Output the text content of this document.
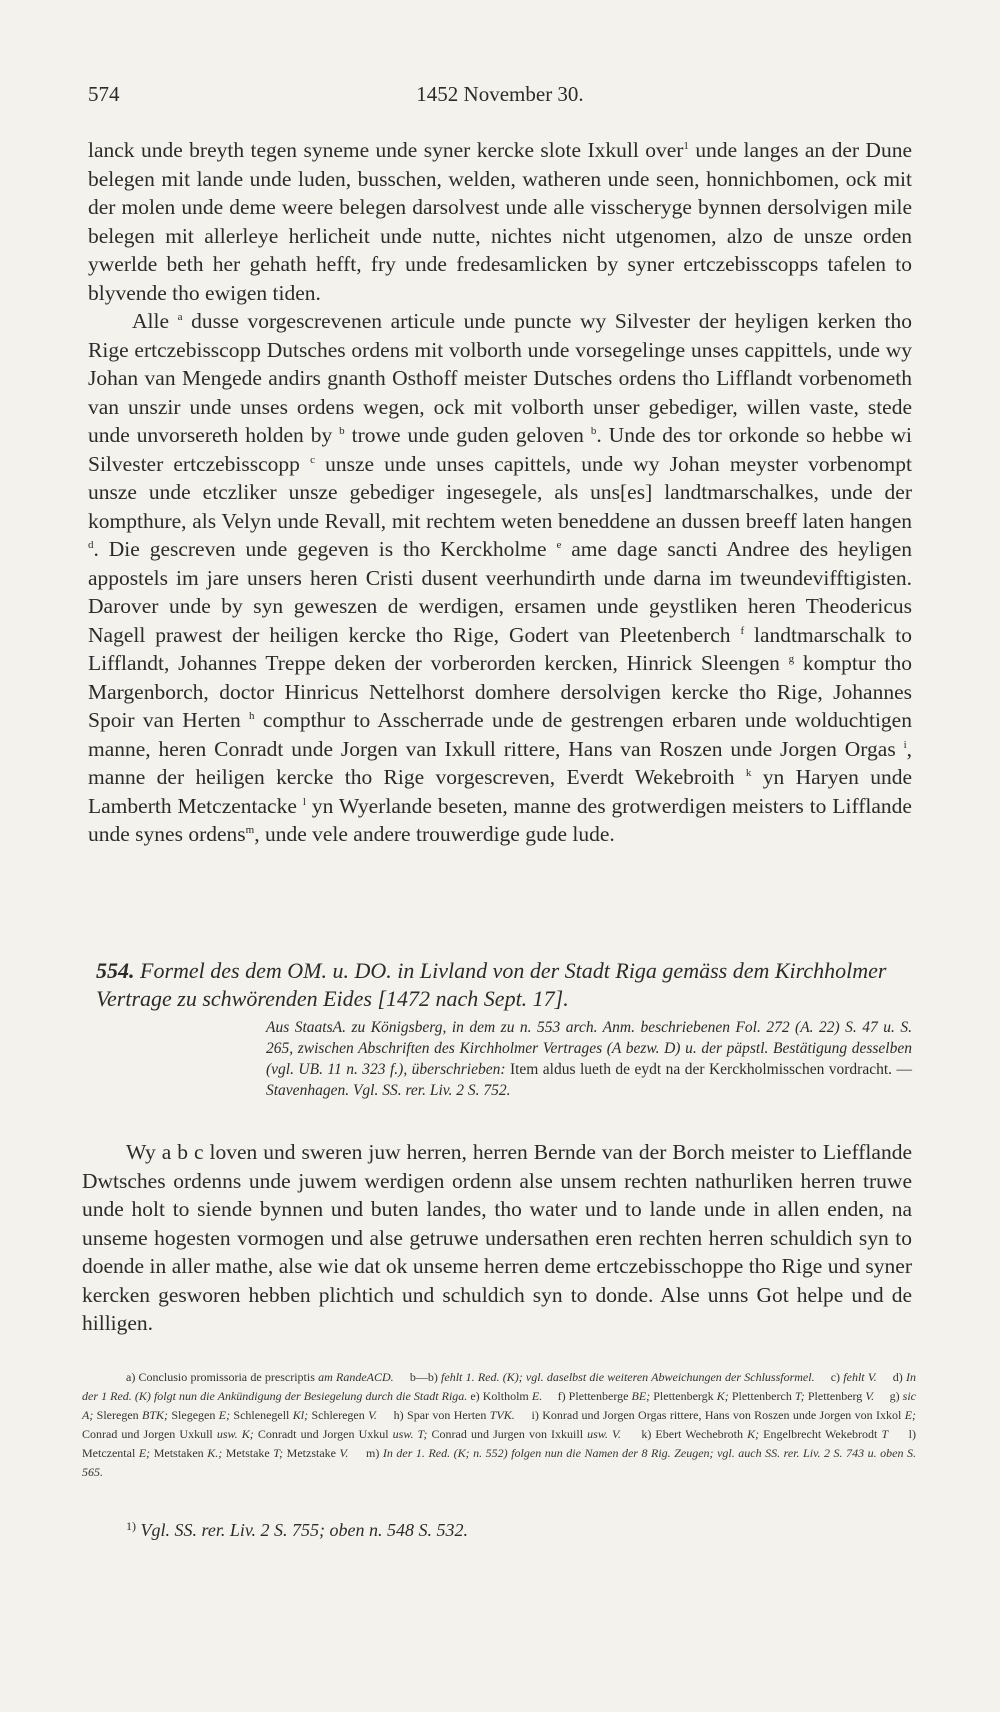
574	1452 November 30.

lanck unde breyth tegen syneme unde syner kercke slote Ixkull over$^1$ unde langes an der Dune belegen mit lande unde luden, busschen, welden, watheren unde seen, honnichbomen, ock mit der molen unde deme weere belegen darsolvest unde alle visscheryge bynnen dersolvigen mile belegen mit allerleye herlicheit unde nutte, nichtes nicht utgenomen, alzo de unsze orden ywerlde beth her gehath hefft, fry unde fredesamlicken by syner ertczebisscopps tafelen to blyvende tho ewigen tiden.

Alle $^a$ dusse vorgescrevenen articule unde puncte wy Silvester der heyligen kerken tho Rige ertczebisscopp Dutsches ordens mit volborth unde vorsegelinge unses cappittels, unde wy Johan van Mengede andirs gnanth Osthoff meister Dutsches ordens tho Lifflandt vorbenometh van unszir unde unses ordens wegen, ock mit volborth unser gebediger, willen vaste, stede unde unvorsereth holden by $^b$ trowe unde guden geloven $^b$. Unde des tor orkonde so hebbe wi Silvester ertczebisscopp $^c$ unsze unde unses capittels, unde wy Johan meyster vorbenompt unsze unde etczliker unsze gebediger ingesegele, als uns[es] landtmarschalkes, unde der kompthure, als Velyn unde Revall, mit rechtem weten beneddene an dussen breeff laten hangen $^d$. Die gescreven unde gegeven is tho Kerckholme $^e$ ame dage sancti Andree des heyligen appostels im jare unsers heren Cristi dusent veerhundirth unde darna im tweundevifftigisten. Darover unde by syn geweszen de werdigen, ersamen unde geystliken heren Theodericus Nagell prawest der heiligen kercke tho Rige, Godert van Pleetenberch $^f$ landtmarschalk to Lifflandt, Johannes Treppe deken der vorberorden kercken, Hinrick Sleengen $^g$ komptur tho Margenborch, doctor Hinricus Nettelhorst domhere dersolvigen kercke tho Rige, Johannes Spoir van Herten $^h$ compthur to Asscherrade unde de gestrengen erbaren unde wolduchtigen manne, heren Conradt unde Jorgen van Ixkull rittere, Hans van Roszen unde Jorgen Orgas $^i$, manne der heiligen kercke tho Rige vorgescreven, Everdt Wekebroith $^k$ yn Haryen unde Lamberth Metczentacke $^l$ yn Wyerlande beseten, manne des grotwerdigen meisters to Lifflande unde synes ordens$^m$, unde vele andere trouwerdige gude lude.

554. Formel des dem OM. u. DO. in Livland von der Stadt Riga gemäss dem Kirchholmer Vertrage zu schwörenden Eides [1472 nach Sept. 17].
Aus StaatsA. zu Königsberg, in dem zu n. 553 arch. Anm. beschriebenen Fol. 272 (A. 22) S. 47 u. S. 265, zwischen Abschriften des Kirchholmer Vertrages (A bezw. D) u. der päpstl. Bestätigung desselben (vgl. UB. 11 n. 323 f.), überschrieben: Item aldus lueth de eydt na der Kerckholmisschen vordracht. — Stavenhagen. Vgl. SS. rer. Liv. 2 S. 752.

Wy a b c loven und sweren juw herren, herren Bernde van der Borch meister to Liefflande Dwtsches ordenns unde juwem werdigen ordenn alse unsem rechten nathurliken herren truwe unde holt to siende bynnen und buten landes, tho water und to lande unde in allen enden, na unseme hogesten vormogen und alse getruwe undersathen eren rechten herren schuldich syn to doende in aller mathe, alse wie dat ok unseme herren deme ertczebisschoppe tho Rige und syner kercken gesworen hebben plichtich und schuldich syn to donde. Alse unns Got helpe und de hilligen.

a) Conclusio promissoria de prescriptis am RandeACD. b—b) fehlt 1. Red. (K); vgl. daselbst die weiteren Abweichungen der Schlussformel. c) fehlt V. d) In der 1 Red. (K) folgt nun die Ankündigung der Besiegelung durch die Stadt Riga. e) Koltholm E. f) Plettenberge BE; Plettenbergk K; Plettenberch T; Plettenberg V. g) sic A; Sleregen BTK; Slegegen E; Schlenegell Kl; Schleregen V. h) Spar von Herten TVK. i) Konrad und Jorgen Orgas rittere, Hans von Roszen unde Jorgen von Ixkol E; Conrad und Jorgen Uxkull usw. K; Conradt und Jorgen Uxkul usw. T; Conrad und Jurgen von Ixkuill usw. V. k) Ebert Wechebroth K; Engelbrecht Wekebrodt T l) Metczental E; Metstaken K.; Metstake T; Metzstake V. m) In der 1. Red. (K; n. 552) folgen nun die Namen der 8 Rig. Zeugen; vgl. auch SS. rer. Liv. 2 S. 743 u. oben S. 565.

$^{1)}$ Vgl. SS. rer. Liv. 2 S. 755; oben n. 548 S. 532.
